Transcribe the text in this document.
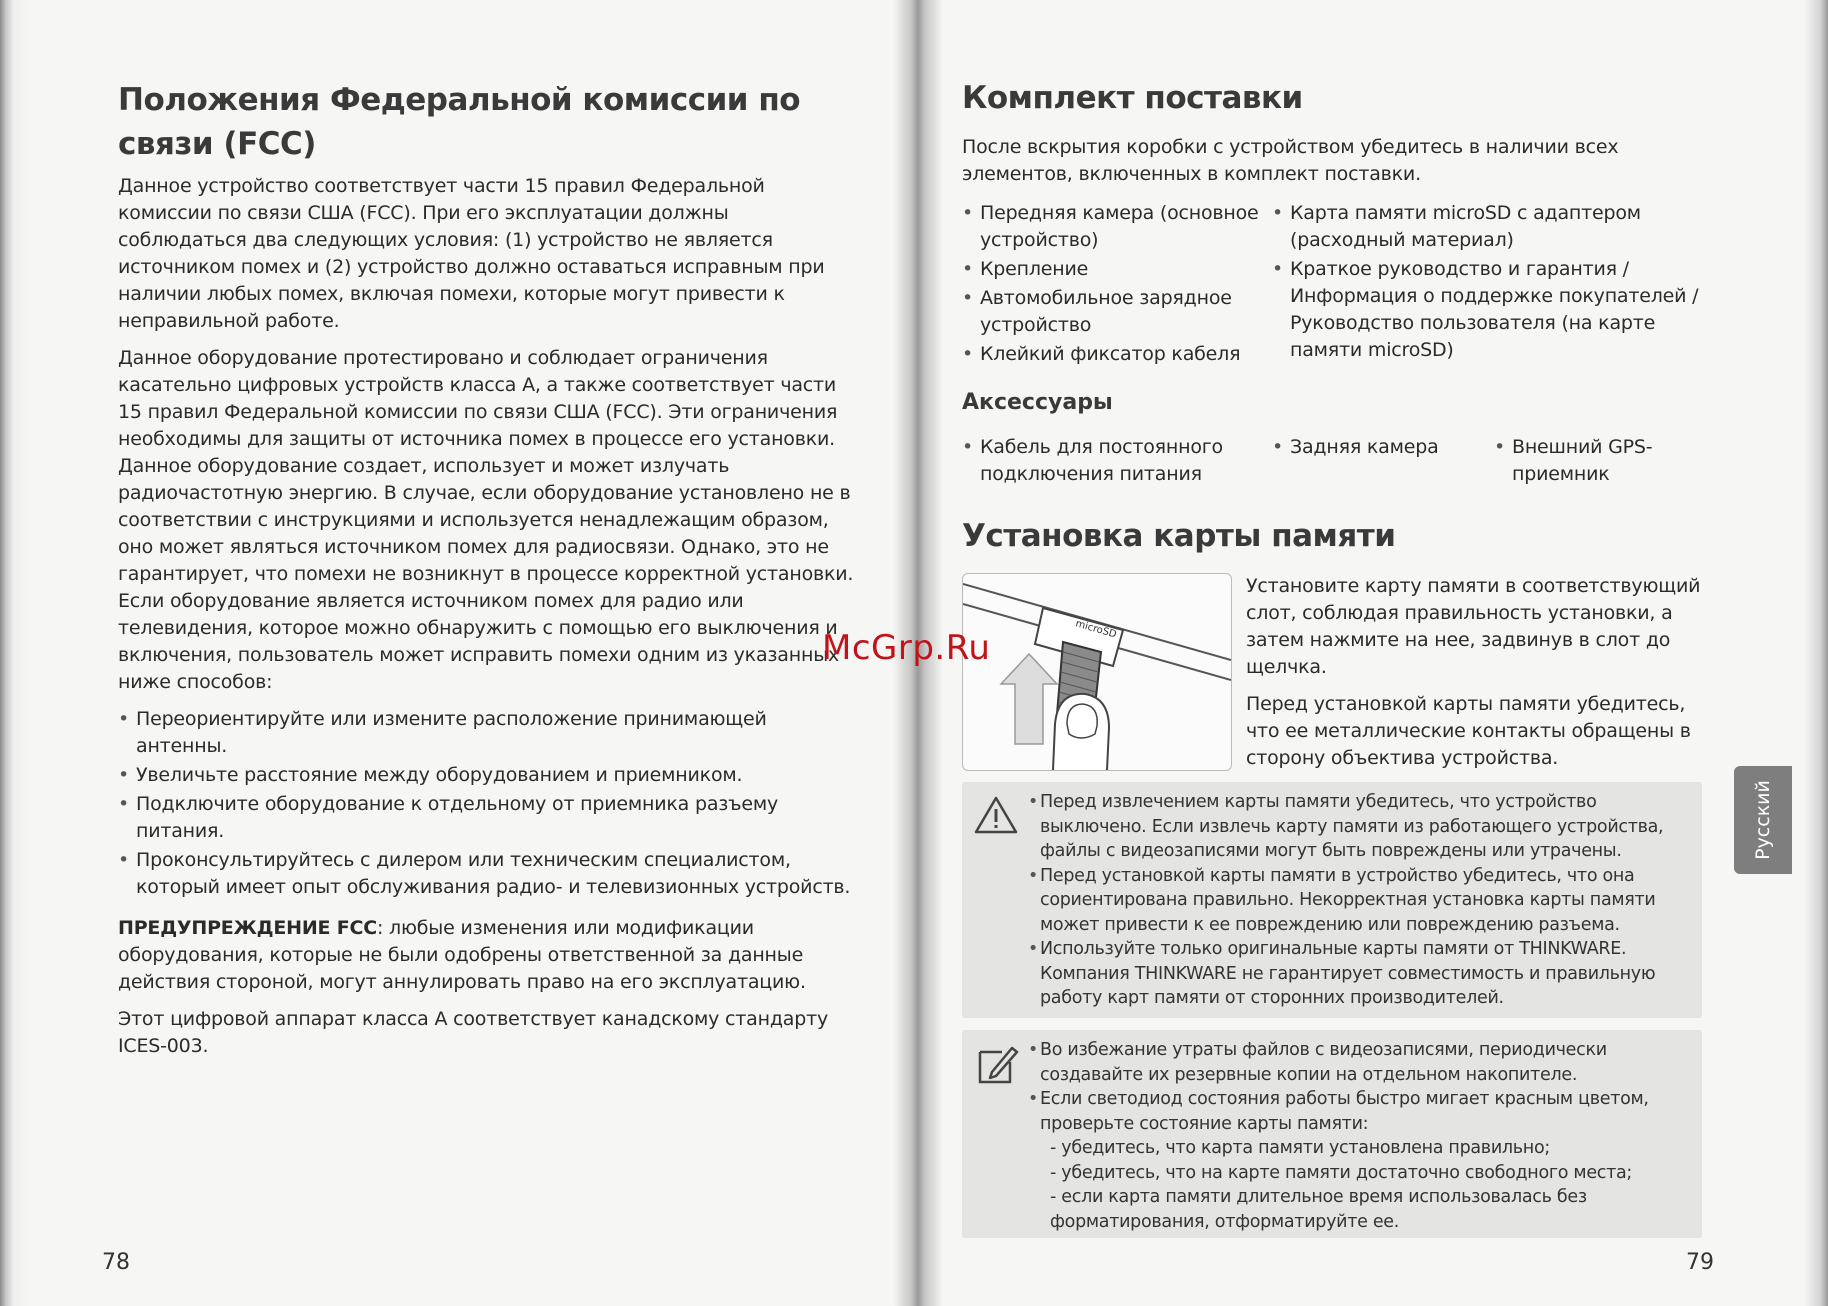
Положения Федеральной комиссии по связи (FCC)

Данное устройство соответствует части 15 правил Федеральной комиссии по связи США (FCC). При его эксплуатации должны соблюдаться два следующих условия: (1) устройство не является источником помех и (2) устройство должно оставаться исправным при наличии любых помех, включая помехи, которые могут привести к неправильной работе.

Данное оборудование протестировано и соблюдает ограничения касательно цифровых устройств класса A, а также соответствует части 15 правил Федеральной комиссии по связи США (FCC). Эти ограничения необходимы для защиты от источника помех в процессе его установки. Данное оборудование создает, использует и может излучать радиочастотную энергию. В случае, если оборудование установлено не в соответствии с инструкциями и используется ненадлежащим образом, оно может являться источником помех для радиосвязи. Однако, это не гарантирует, что помехи не возникнут в процессе корректной установки. Если оборудование является источником помех для радио или телевидения, которое можно обнаружить с помощью его выключения и включения, пользователь может исправить помехи одним из указанных ниже способов:

• Переориентируйте или измените расположение принимающей антенны.
• Увеличьте расстояние между оборудованием и приемником.
• Подключите оборудование к отдельному от приемника разъему питания.
• Проконсультируйтесь с дилером или техническим специалистом, который имеет опыт обслуживания радио- и телевизионных устройств.

ПРЕДУПРЕЖДЕНИЕ FCC: любые изменения или модификации оборудования, которые не были одобрены ответственной за данные действия стороной, могут аннулировать право на его эксплуатацию.

Этот цифровой аппарат класса A соответствует канадскому стандарту ICES-003.

78
Комплект поставки
После вскрытия коробки с устройством убедитесь в наличии всех элементов, включенных в комплект поставки.
• Передняя камера (основное устройство)
• Крепление
• Автомобильное зарядное устройство
• Клейкий фиксатор кабеля
• Карта памяти microSD с адаптером (расходный материал)
• Краткое руководство и гарантия / Информация о поддержке покупателей / Руководство пользователя (на карте памяти microSD)
Аксессуары
• Кабель для постоянного подключения питания
• Задняя камера
•	Внешний GPS-приемник
Установка карты памяти
microSD

Установите карту памяти в соответствующий слот, соблюдая правильность установки, а затем нажмите на нее, задвинув в слот до щелчка.

Перед установкой карты памяти убедитесь, что ее металлические контакты обращены в сторону объектива устройства.

• Перед извлечением карты памяти убедитесь, что устройство выключено. Если извлечь карту памяти из работающего устройства, файлы с видеозаписями могут быть повреждены или утрачены.
• Перед установкой карты памяти в устройство убедитесь, что она сориентирована правильно. Некорректная установка карты памяти может привести к ее повреждению или повреждению разъема.
• Используйте только оригинальные карты памяти от THINKWARE. Компания THINKWARE не гарантирует совместимость и правильную работу карт памяти от сторонних производителей.
• Во избежание утраты файлов с видеозаписями, периодически создавайте их резервные копии на отдельном накопителе.
• Если светодиод состояния работы быстро мигает красным цветом, проверьте состояние карты памяти:
- убедитесь, что карта памяти установлена правильно;
- убедитесь, что на карте памяти достаточно свободного места;
- если карта памяти длительное время использовалась без форматирования, отформатируйте ее.
79
Русский
McGrp.Ru
